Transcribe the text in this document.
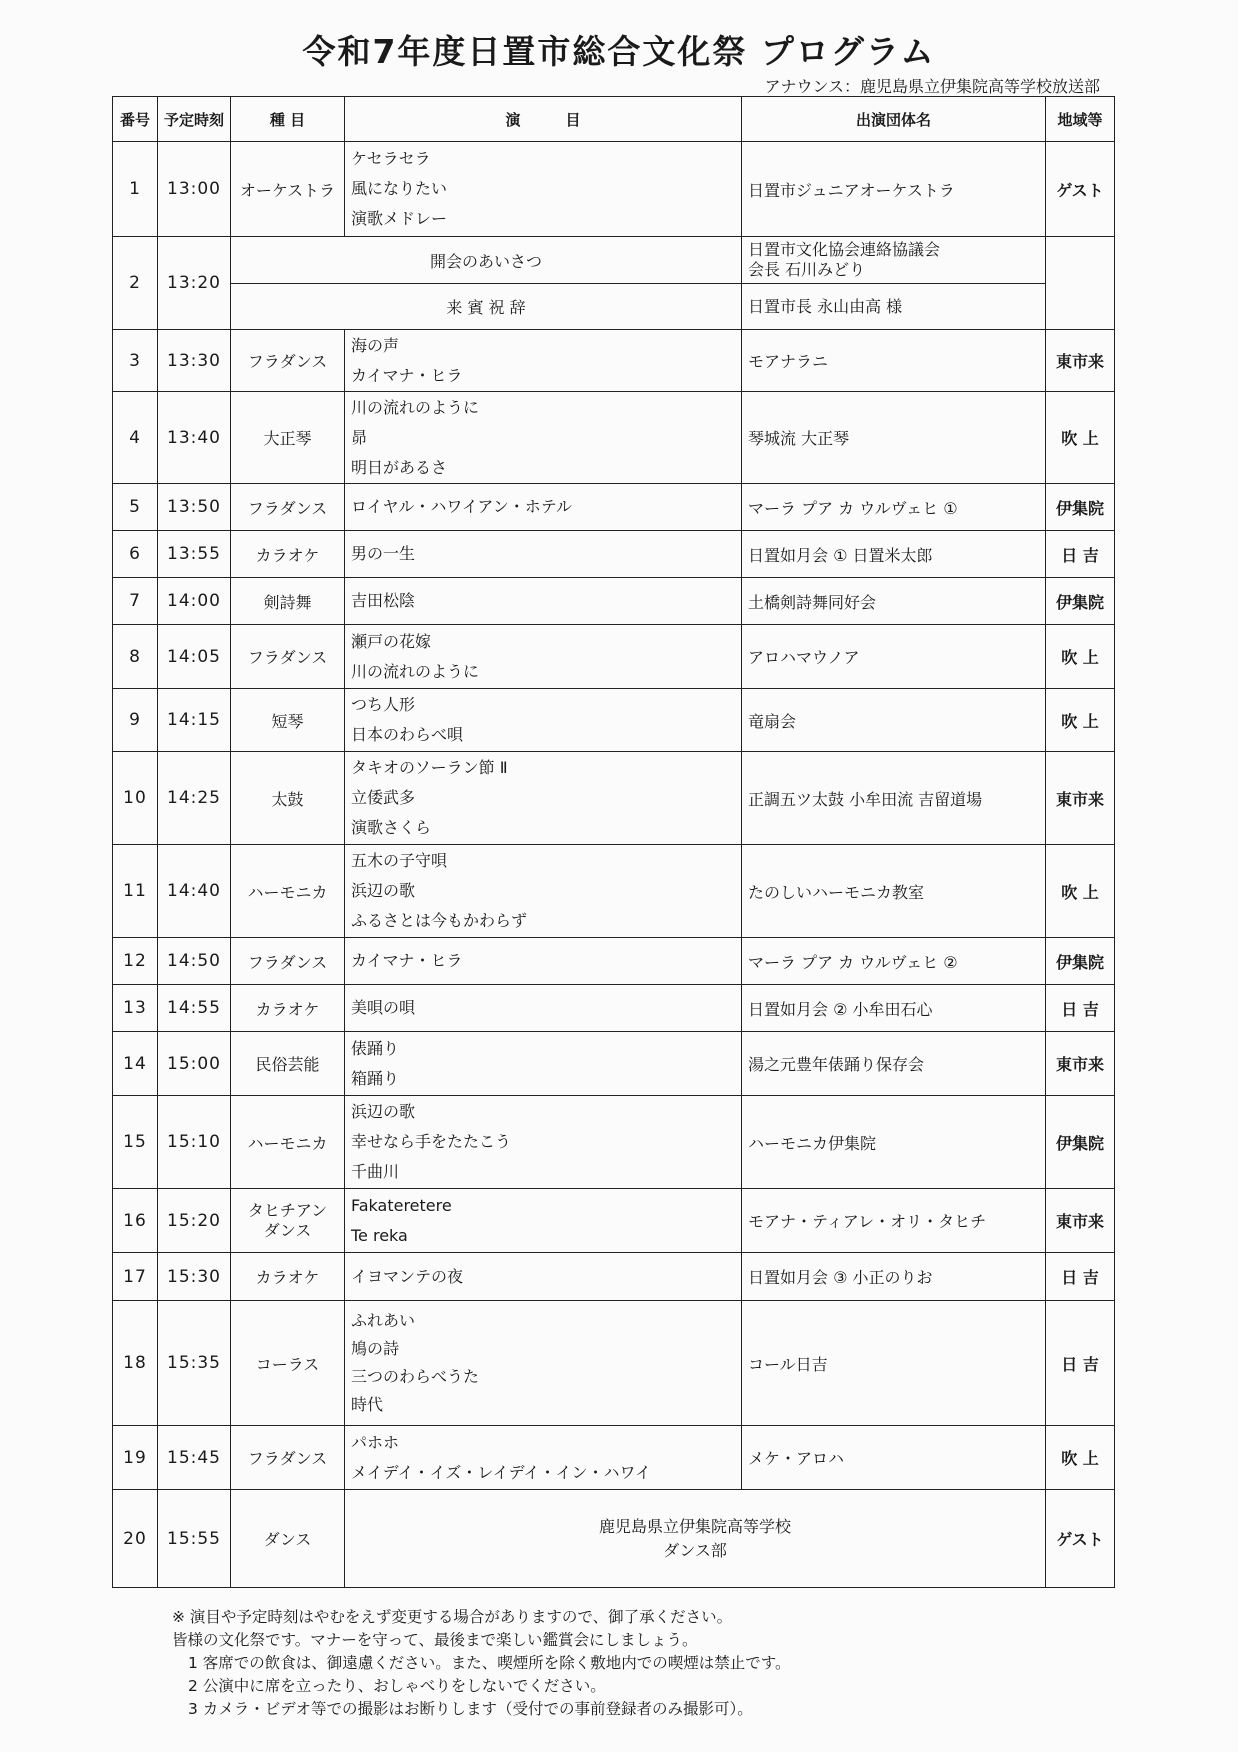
令和7年度日置市総合文化祭 プログラム
アナウンス：鹿児島県立伊集院高等学校放送部
番号	予定時刻	種 目	演　　　目	出演団体名	地域等
1	13:00	オーケストラ	ケセラセラ
風になりたい
演歌メドレー	日置市ジュニアオーケストラ	ゲスト
2	13:20	開会のあいさつ		日置市文化協会連絡協議会
会長 石川みどり	

		来 賓 祝 辞		日置市長 永山由高 様	

3	13:30	フラダンス	海の声
カイマナ・ヒラ	モアナラニ	東市来
4	13:40	大正琴	川の流れのように
昴
明日があるさ	琴城流 大正琴	吹 上
5	13:50	フラダンス	ロイヤル・ハワイアン・ホテル	マーラ プア カ ウルヴェヒ ①	伊集院
6	13:55	カラオケ	男の一生	日置如月会 ① 日置米太郎	日 吉
7	14:00	剣詩舞	吉田松陰	土橋剣詩舞同好会	伊集院
8	14:05	フラダンス	瀬戸の花嫁
川の流れのように	アロハマウノア	吹 上
9	14:15	短琴	つち人形
日本のわらべ唄	竜扇会	吹 上
10	14:25	太鼓	タキオのソーラン節 Ⅱ
立倭武多
演歌さくら	正調五ツ太鼓 小牟田流 吉留道場	東市来
11	14:40	ハーモニカ	五木の子守唄
浜辺の歌
ふるさとは今もかわらず	たのしいハーモニカ教室	吹 上
12	14:50	フラダンス	カイマナ・ヒラ	マーラ プア カ ウルヴェヒ ②	伊集院
13	14:55	カラオケ	美唄の唄	日置如月会 ② 小牟田石心	日 吉
14	15:00	民俗芸能	俵踊り
箱踊り	湯之元豊年俵踊り保存会	東市来
15	15:10	ハーモニカ	浜辺の歌
幸せなら手をたたこう
千曲川	ハーモニカ伊集院	伊集院
16	15:20	タヒチアン
ダンス	Fakateretere
Te reka	モアナ・ティアレ・オリ・タヒチ	東市来
17	15:30	カラオケ	イヨマンテの夜	日置如月会 ③ 小正のりお	日 吉
18	15:35	コーラス	ふれあい
鳩の詩
三つのわらべうた
時代	コール日吉	日 吉
19	15:45	フラダンス	パホホ
メイデイ・イズ・レイデイ・イン・ハワイ	メケ・アロハ	吹 上
20	15:55	ダンス	鹿児島県立伊集院高等学校
ダンス部		ゲスト
※ 演目や予定時刻はやむをえず変更する場合がありますので、御了承ください。
皆様の文化祭です。マナーを守って、最後まで楽しい鑑賞会にしましょう。
1 客席での飲食は、御遠慮ください。また、喫煙所を除く敷地内での喫煙は禁止です。
2 公演中に席を立ったり、おしゃべりをしないでください。
3 カメラ・ビデオ等での撮影はお断りします（受付での事前登録者のみ撮影可）。
